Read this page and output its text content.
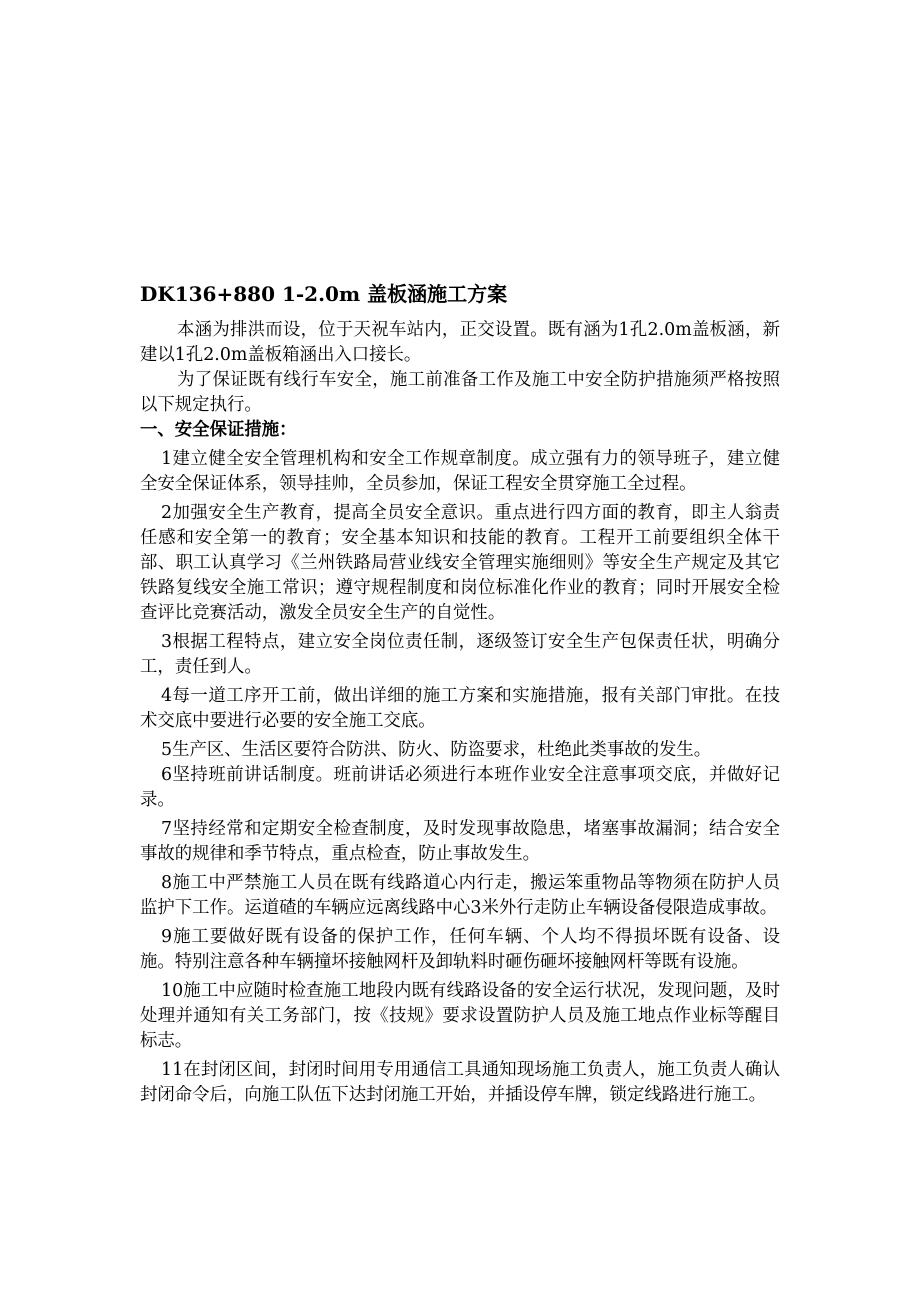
DK136+880 1-2.0m 盖板涵施工方案

本涵为排洪而设，位于天祝车站内，正交设置。既有涵为1孔2.0m盖板涵，新建以1孔2.0m盖板箱涵出入口接长。

为了保证既有线行车安全，施工前准备工作及施工中安全防护措施须严格按照以下规定执行。

一、安全保证措施：

1建立健全安全管理机构和安全工作规章制度。成立强有力的领导班子，建立健全安全保证体系，领导挂帅，全员参加，保证工程安全贯穿施工全过程。

2加强安全生产教育，提高全员安全意识。重点进行四方面的教育，即主人翁责任感和安全第一的教育；安全基本知识和技能的教育。工程开工前要组织全体干部、职工认真学习《兰州铁路局营业线安全管理实施细则》等安全生产规定及其它铁路复线安全施工常识；遵守规程制度和岗位标准化作业的教育；同时开展安全检查评比竞赛活动，激发全员安全生产的自觉性。

3根据工程特点，建立安全岗位责任制，逐级签订安全生产包保责任状，明确分工，责任到人。

4每一道工序开工前，做出详细的施工方案和实施措施，报有关部门审批。在技术交底中要进行必要的安全施工交底。

5生产区、生活区要符合防洪、防火、防盗要求，杜绝此类事故的发生。

6坚持班前讲话制度。班前讲话必须进行本班作业安全注意事项交底，并做好记录。

7坚持经常和定期安全检查制度，及时发现事故隐患，堵塞事故漏洞；结合安全事故的规律和季节特点，重点检查，防止事故发生。

8施工中严禁施工人员在既有线路道心内行走，搬运笨重物品等物须在防护人员监护下工作。运道碴的车辆应远离线路中心3米外行走防止车辆设备侵限造成事故。

9施工要做好既有设备的保护工作，任何车辆、个人均不得损坏既有设备、设施。特别注意各种车辆撞坏接触网杆及卸轨料时砸伤砸坏接触网杆等既有设施。

10施工中应随时检查施工地段内既有线路设备的安全运行状况，发现问题，及时处理并通知有关工务部门，按《技规》要求设置防护人员及施工地点作业标等醒目标志。

11在封闭区间，封闭时间用专用通信工具通知现场施工负责人，施工负责人确认封闭命令后，向施工队伍下达封闭施工开始，并插设停车牌，锁定线路进行施工。
